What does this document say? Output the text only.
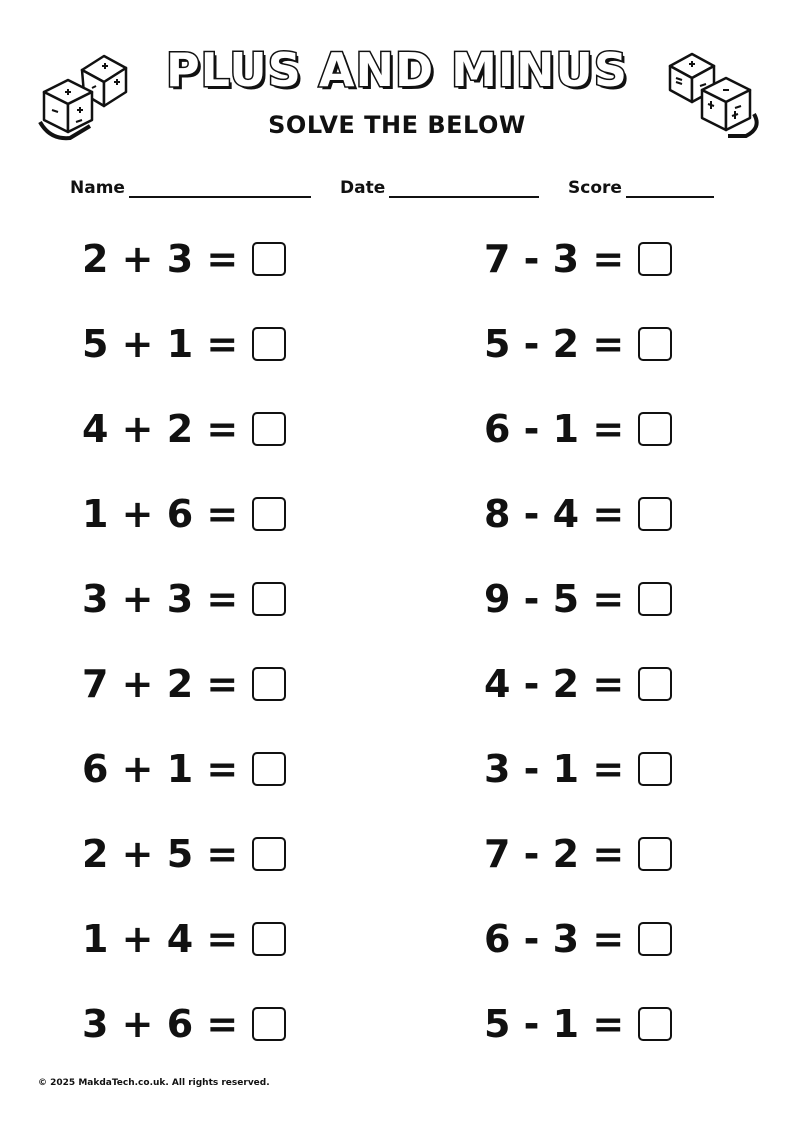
PLUS AND MINUS
SOLVE THE BELOW
Name	Date	Score
2 + 3 =
5 + 1 =
4 + 2 =
1 + 6 =
3 + 3 =
7 + 2 =
6 + 1 =
2 + 5 =
1 + 4 =
3 + 6 =
7 - 3 =
5 - 2 =
6 - 1 =
8 - 4 =
9 - 5 =
4 - 2 =
3 - 1 =
7 - 2 =
6 - 3 =
5 - 1 =
© 2025 MakdaTech.co.uk. All rights reserved.
